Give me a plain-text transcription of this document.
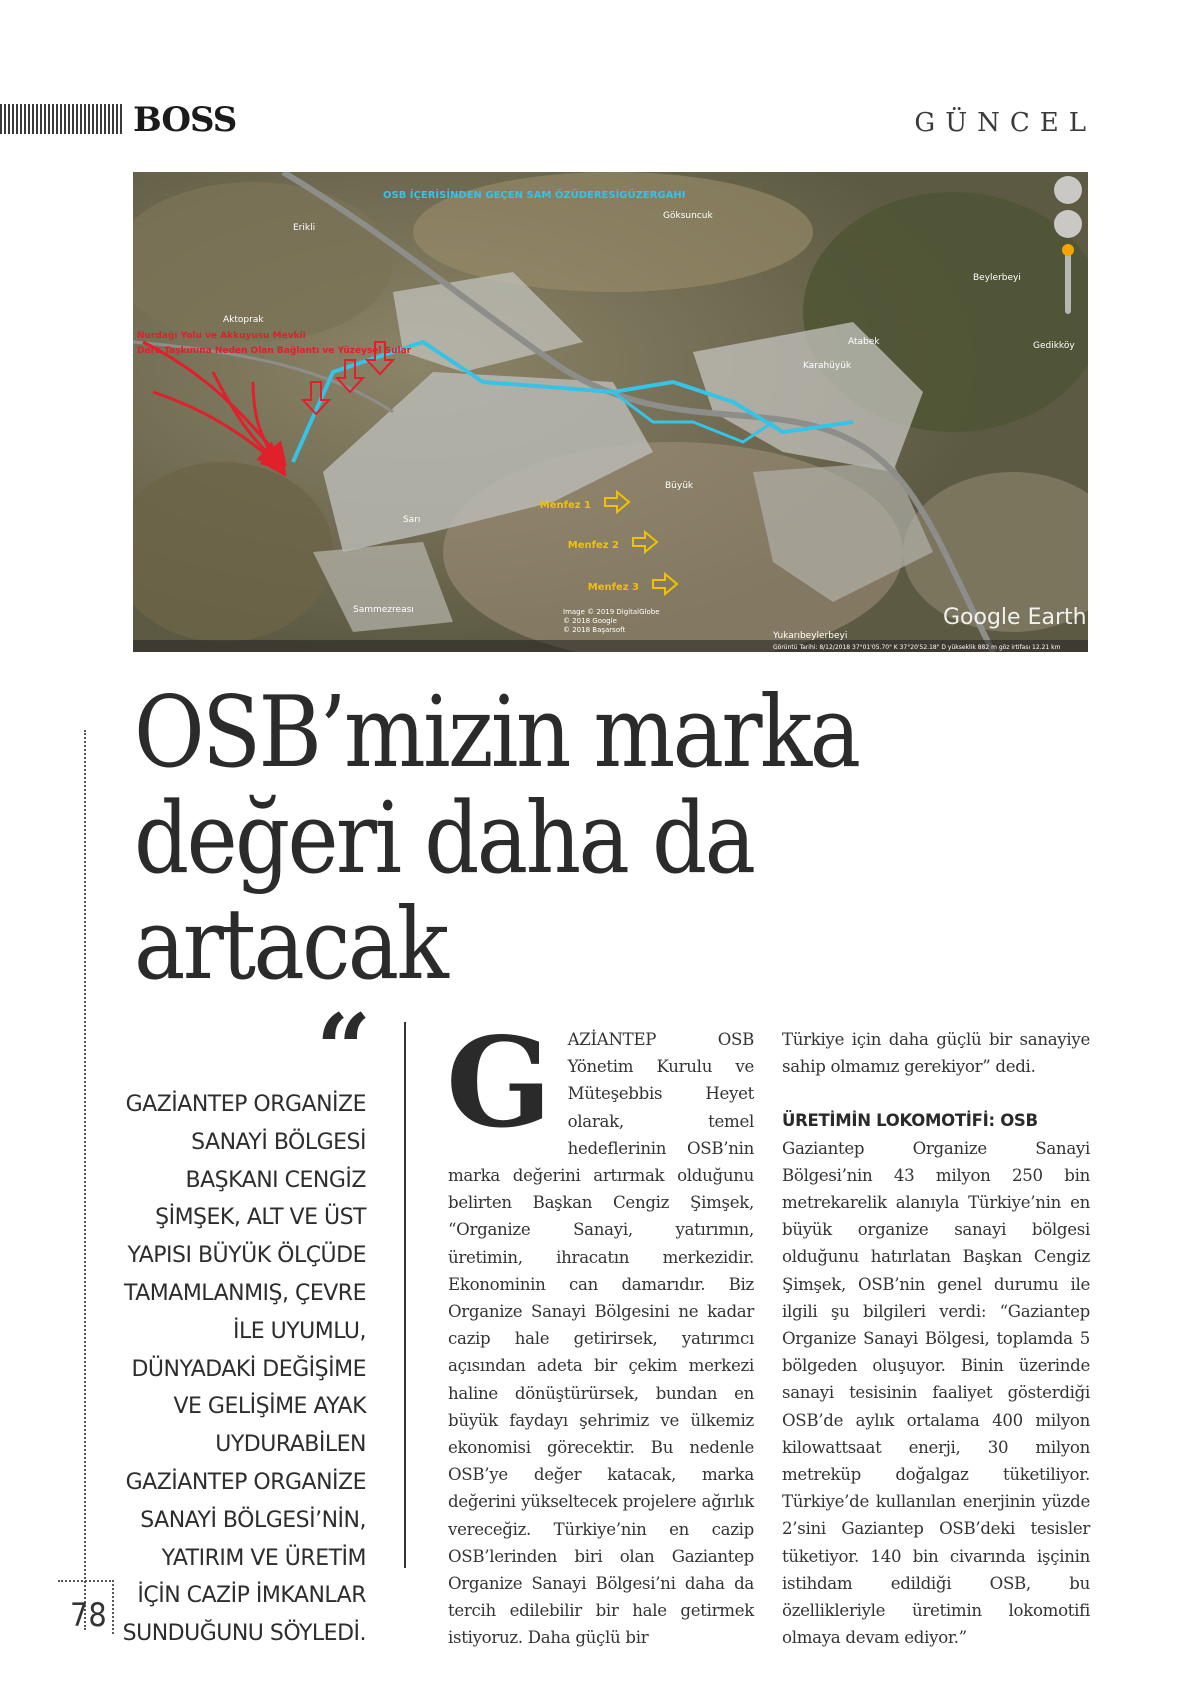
BOSS	GÜNCEL
OSB İÇERİSİNDEN GEÇEN SAM ÖZÜDERESİGÜZERGAHI
Nurdağı Yolu ve Akkuyusu Mevkii
Dere Taşkınına Neden Olan Bağlantı ve Yüzeysel Sular
Menfez 1
Menfez 2
Menfez 3
Erikli
Göksuncuk
Aktoprak
Karahüyük
Atabek
Sarı
Sammezreası
Beylerbeyi
Yukarıbeylerbeyi
Büyük
Gedikköy
Image © 2019 DigitalGlobe
© 2018 Google
© 2018 Başarsoft	Google Earth
Görüntü Tarihi: 8/12/2018 37°01'05.70" K 37°20'52.18" D yükseklik 882 m göz irtifası 12.21 km
OSB’mizin marka değeri daha da artacak
78
“
GAZİANTEP ORGANİZE SANAYİ BÖLGESİ BAŞKANI CENGİZ ŞİMŞEK, ALT VE ÜST YAPISI BÜYÜK ÖLÇÜDE TAMAMLANMIŞ, ÇEVRE İLE UYUMLU, DÜNYADAKİ DEĞİŞİME VE GELİŞİME AYAK UYDURABİLEN GAZİANTEP ORGANİZE SANAYİ BÖLGESİ’NİN, YATIRIM VE ÜRETİM İÇİN CAZİP İMKANLAR SUNDUĞUNU SÖYLEDİ.
G AZİANTEP OSB Yönetim Kurulu ve Müteşebbis Heyet olarak, temel hedeflerinin OSB’nin marka değerini artırmak olduğunu belirten Başkan Cengiz Şimşek, “Organize Sanayi, yatırımın, üretimin, ihracatın merkezidir. Ekonominin can damarıdır. Biz Organize Sanayi Bölgesini ne kadar cazip hale getirirsek, yatırımcı açısından adeta bir çekim merkezi haline dönüştürürsek, bundan en büyük faydayı şehrimiz ve ülkemiz ekonomisi görecektir. Bu nedenle OSB’ye değer katacak, marka değerini yükseltecek projelere ağırlık vereceğiz. Türkiye’nin en cazip OSB’lerinden biri olan Gaziantep Organize Sanayi Bölgesi’ni daha da tercih edilebilir bir hale getirmek istiyoruz. Daha güçlü bir

Türkiye için daha güçlü bir sanayiye sahip olmamız gerekiyor” dedi.

ÜRETİMİN LOKOMOTİFİ: OSB

Gaziantep Organize Sanayi Bölgesi’nin 43 milyon 250 bin metrekarelik alanıyla Türkiye’nin en büyük organize sanayi bölgesi olduğunu hatırlatan Başkan Cengiz Şimşek, OSB’nin genel durumu ile ilgili şu bilgileri verdi: “Gaziantep Organize Sanayi Bölgesi, toplamda 5 bölgeden oluşuyor. Binin üzerinde sanayi tesisinin faaliyet gösterdiği OSB’de aylık ortalama 400 milyon kilowattsaat enerji, 30 milyon metreküp doğalgaz tüketiliyor. Türkiye’de kullanılan enerjinin yüzde 2’sini Gaziantep OSB’deki tesisler tüketiyor. 140 bin civarında işçinin istihdam edildiği OSB, bu özellikleriyle üretimin lokomotifi olmaya devam ediyor.”
